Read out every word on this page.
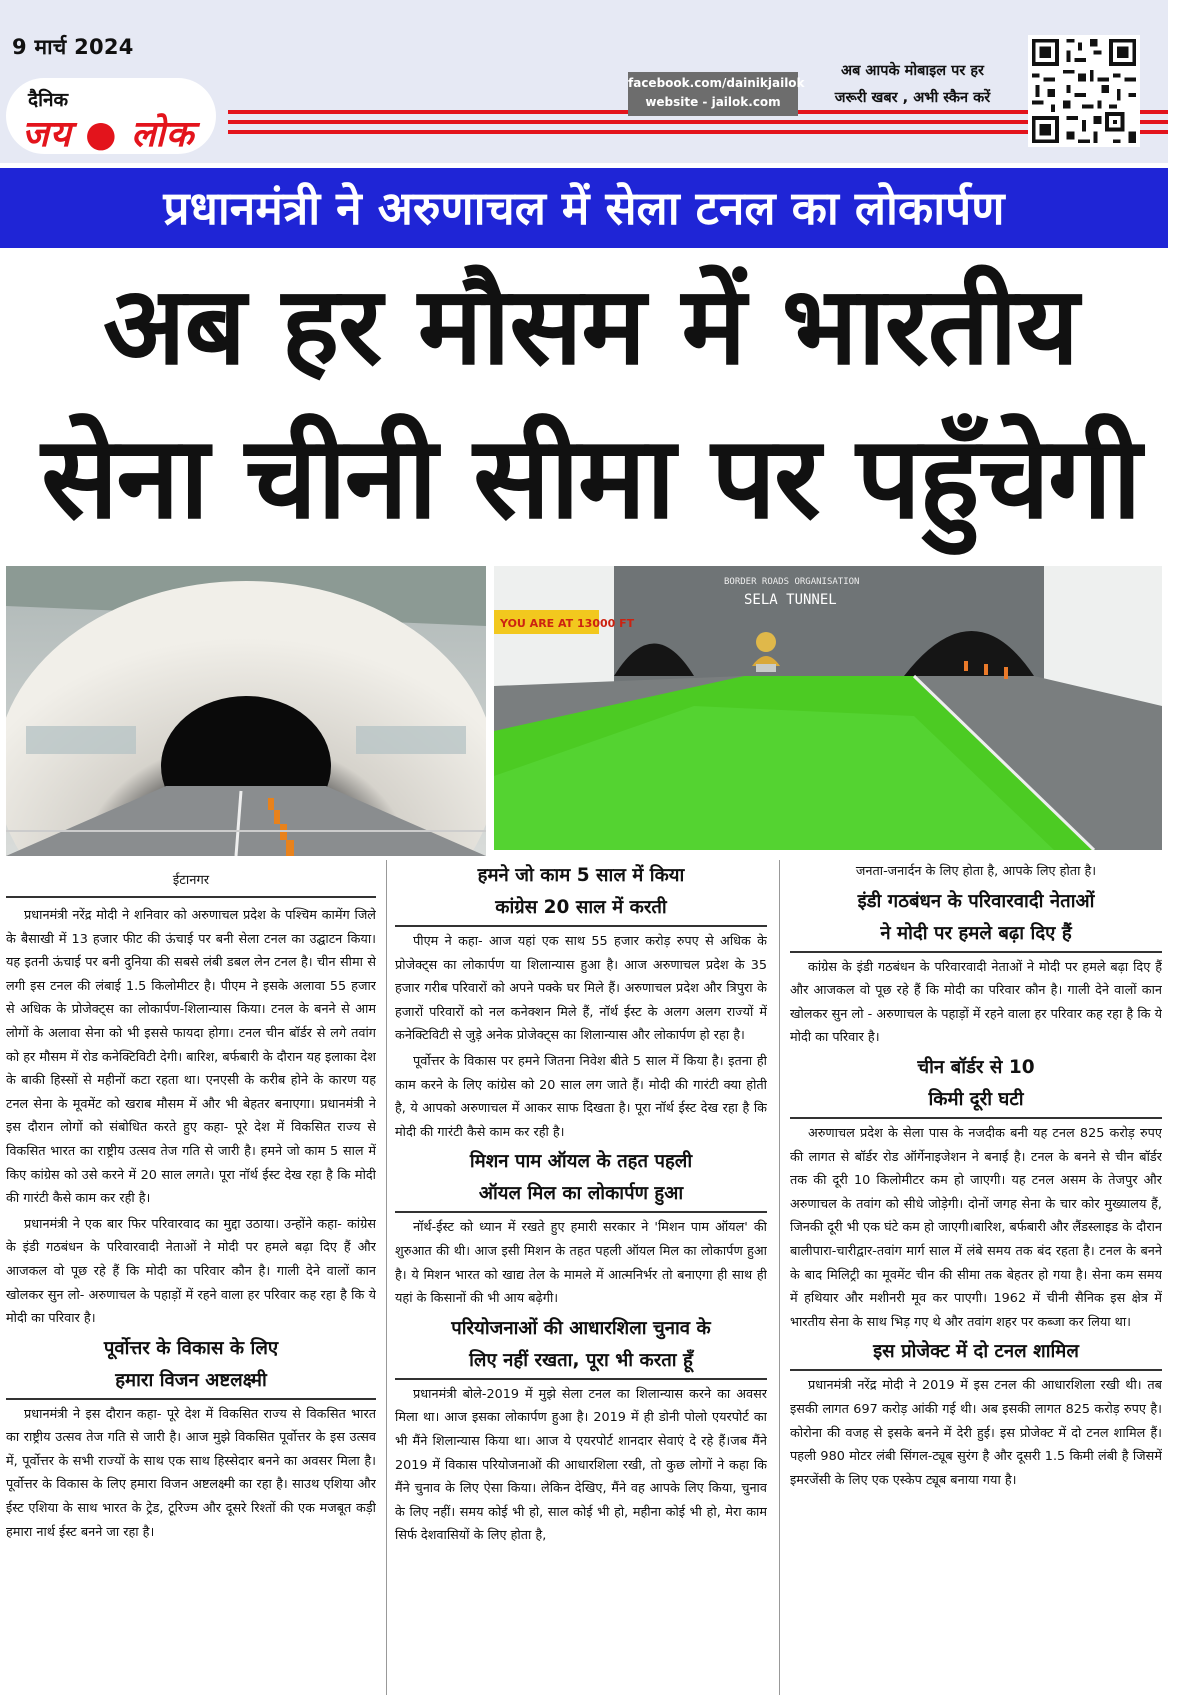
9 मार्च 2024
दैनिक
जय ● लोक
facebook.com/dainikjailok
website - jailok.com
अब आपके मोबाइल पर हर
जरूरी खबर , अभी स्कैन करें
प्रधानमंत्री ने अरुणाचल में सेला टनल का लोकार्पण
अब हर मौसम में भारतीय
सेना चीनी सीमा पर पहुँचेगी
BORDER ROADS ORGANISATION
SELA TUNNEL
YOU ARE AT 13000 FT
ईटानगर

प्रधानमंत्री नरेंद्र मोदी ने शनिवार को अरुणाचल प्रदेश के पश्चिम कामेंग जिले के बैसाखी में 13 हजार फीट की ऊंचाई पर बनी सेला टनल का उद्घाटन किया। यह इतनी ऊंचाई पर बनी दुनिया की सबसे लंबी डबल लेन टनल है। चीन सीमा से लगी इस टनल की लंबाई 1.5 किलोमीटर है। पीएम ने इसके अलावा 55 हजार से अधिक के प्रोजेक्ट्स का लोकार्पण-शिलान्यास किया। टनल के बनने से आम लोगों के अलावा सेना को भी इससे फायदा होगा। टनल चीन बॉर्डर से लगे तवांग को हर मौसम में रोड कनेक्टिविटी देगी। बारिश, बर्फबारी के दौरान यह इलाका देश के बाकी हिस्सों से महीनों कटा रहता था। एनएसी के करीब होने के कारण यह टनल सेना के मूवमेंट को खराब मौसम में और भी बेहतर बनाएगा। प्रधानमंत्री ने इस दौरान लोगों को संबोधित करते हुए कहा- पूरे देश में विकसित राज्य से विकसित भारत का राष्ट्रीय उत्सव तेज गति से जारी है। हमने जो काम 5 साल में किए कांग्रेस को उसे करने में 20 साल लगते। पूरा नॉर्थ ईस्ट देख रहा है कि मोदी की गारंटी कैसे काम कर रही है।

प्रधानमंत्री ने एक बार फिर परिवारवाद का मुद्दा उठाया। उन्होंने कहा- कांग्रेस के इंडी गठबंधन के परिवारवादी नेताओं ने मोदी पर हमले बढ़ा दिए हैं और आजकल वो पूछ रहे हैं कि मोदी का परिवार कौन है। गाली देने वालों कान खोलकर सुन लो- अरुणाचल के पहाड़ों में रहने वाला हर परिवार कह रहा है कि ये मोदी का परिवार है।

पूर्वोत्तर के विकास के लिए
हमारा विजन अष्टलक्ष्मी

प्रधानमंत्री ने इस दौरान कहा- पूरे देश में विकसित राज्य से विकसित भारत का राष्ट्रीय उत्सव तेज गति से जारी है। आज मुझे विकसित पूर्वोत्तर के इस उत्सव में, पूर्वोत्तर के सभी राज्यों के साथ एक साथ हिस्सेदार बनने का अवसर मिला है। पूर्वोत्तर के विकास के लिए हमारा विजन अष्टलक्ष्मी का रहा है। साउथ एशिया और ईस्ट एशिया के साथ भारत के ट्रेड, टूरिज्म और दूसरे रिश्तों की एक मजबूत कड़ी हमारा नार्थ ईस्ट बनने जा रहा है।

हमने जो काम 5 साल में किया
कांग्रेस 20 साल में करती

पीएम ने कहा- आज यहां एक साथ 55 हजार करोड़ रुपए से अधिक के प्रोजेक्ट्स का लोकार्पण या शिलान्यास हुआ है। आज अरुणाचल प्रदेश के 35 हजार गरीब परिवारों को अपने पक्के घर मिले हैं। अरुणाचल प्रदेश और त्रिपुरा के हजारों परिवारों को नल कनेक्शन मिले हैं, नॉर्थ ईस्ट के अलग अलग राज्यों में कनेक्टिविटी से जुड़े अनेक प्रोजेक्ट्स का शिलान्यास और लोकार्पण हो रहा है।

पूर्वोत्तर के विकास पर हमने जितना निवेश बीते 5 साल में किया है। इतना ही काम करने के लिए कांग्रेस को 20 साल लग जाते हैं। मोदी की गारंटी क्या होती है, ये आपको अरुणाचल में आकर साफ दिखता है। पूरा नॉर्थ ईस्ट देख रहा है कि मोदी की गारंटी कैसे काम कर रही है।

मिशन पाम ऑयल के तहत पहली
ऑयल मिल का लोकार्पण हुआ

नॉर्थ-ईस्ट को ध्यान में रखते हुए हमारी सरकार ने 'मिशन पाम ऑयल' की शुरुआत की थी। आज इसी मिशन के तहत पहली ऑयल मिल का लोकार्पण हुआ है। ये मिशन भारत को खाद्य तेल के मामले में आत्मनिर्भर तो बनाएगा ही साथ ही यहां के किसानों की भी आय बढ़ेगी।

परियोजनाओं की आधारशिला चुनाव के
लिए नहीं रखता, पूरा भी करता हूँ

प्रधानमंत्री बोले-2019 में मुझे सेला टनल का शिलान्यास करने का अवसर मिला था। आज इसका लोकार्पण हुआ है। 2019 में ही डोनी पोलो एयरपोर्ट का भी मैंने शिलान्यास किया था। आज ये एयरपोर्ट शानदार सेवाएं दे रहे हैं।जब मैंने 2019 में विकास परियोजनाओं की आधारशिला रखी, तो कुछ लोगों ने कहा कि मैंने चुनाव के लिए ऐसा किया। लेकिन देखिए, मैंने वह आपके लिए किया, चुनाव के लिए नहीं। समय कोई भी हो, साल कोई भी हो, महीना कोई भी हो, मेरा काम सिर्फ देशवासियों के लिए होता है,

जनता-जनार्दन के लिए होता है, आपके लिए होता है।

इंडी गठबंधन के परिवारवादी नेताओं
ने मोदी पर हमले बढ़ा दिए हैं

कांग्रेस के इंडी गठबंधन के परिवारवादी नेताओं ने मोदी पर हमले बढ़ा दिए हैं और आजकल वो पूछ रहे हैं कि मोदी का परिवार कौन है। गाली देने वालों कान खोलकर सुन लो - अरुणाचल के पहाड़ों में रहने वाला हर परिवार कह रहा है कि ये मोदी का परिवार है।

चीन बॉर्डर से 10
किमी दूरी घटी

अरुणाचल प्रदेश के सेला पास के नजदीक बनी यह टनल 825 करोड़ रुपए की लागत से बॉर्डर रोड ऑर्गेनाइजेशन ने बनाई है। टनल के बनने से चीन बॉर्डर तक की दूरी 10 किलोमीटर कम हो जाएगी। यह टनल असम के तेजपुर और अरुणाचल के तवांग को सीधे जोड़ेगी। दोनों जगह सेना के चार कोर मुख्यालय हैं, जिनकी दूरी भी एक घंटे कम हो जाएगी।बारिश, बर्फबारी और लैंडस्लाइड के दौरान बालीपारा-चारीद्वार-तवांग मार्ग साल में लंबे समय तक बंद रहता है। टनल के बनने के बाद मिलिट्री का मूवमेंट चीन की सीमा तक बेहतर हो गया है। सेना कम समय में हथियार और मशीनरी मूव कर पाएगी। 1962 में चीनी सैनिक इस क्षेत्र में भारतीय सेना के साथ भिड़ गए थे और तवांग शहर पर कब्जा कर लिया था।

इस प्रोजेक्ट में दो टनल शामिल

प्रधानमंत्री नरेंद्र मोदी ने 2019 में इस टनल की आधारशिला रखी थी। तब इसकी लागत 697 करोड़ आंकी गई थी। अब इसकी लागत 825 करोड़ रुपए है। कोरोना की वजह से इसके बनने में देरी हुई। इस प्रोजेक्ट में दो टनल शामिल हैं। पहली 980 मोटर लंबी सिंगल-ट्यूब सुरंग है और दूसरी 1.5 किमी लंबी है जिसमें इमरजेंसी के लिए एक एस्केप ट्यूब बनाया गया है।
